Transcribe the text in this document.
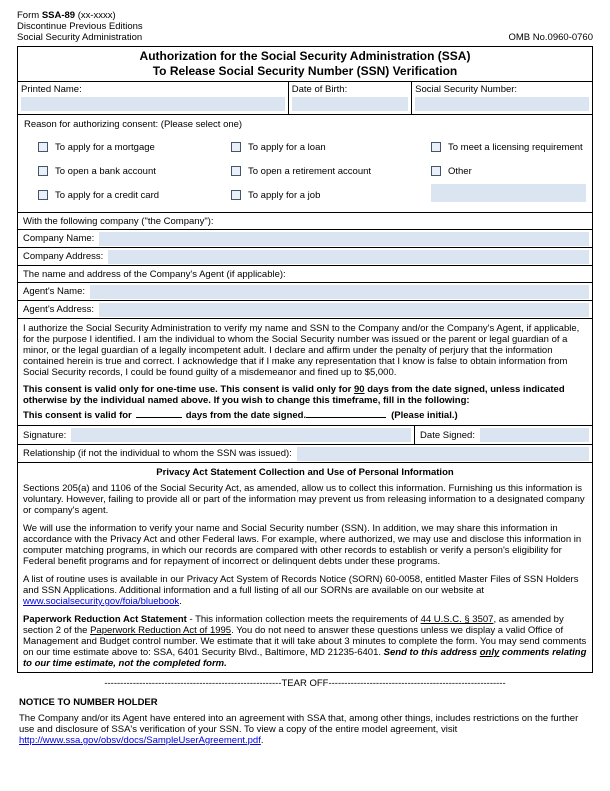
Form SSA-89 (xx-xxxx)
Discontinue Previous Editions
Social Security Administration	OMB No.0960-0760
Authorization for the Social Security Administration (SSA)
To Release Social Security Number (SSN) Verification
Printed Name:	Date of Birth:	Social Security Number:
Reason for authorizing consent: (Please select one)
To apply for a mortgage
To open a bank account
To apply for a credit card
To apply for a loan
To open a retirement account
To apply for a job
To meet a licensing requirement
Other
With the following company ("the Company"):
Company Name:
Company Address:
The name and address of the Company's Agent (if applicable):
Agent's Name:
Agent's Address:
I authorize the Social Security Administration to verify my name and SSN to the Company and/or the Company's Agent, if applicable, for the purpose I identified. I am the individual to whom the Social Security number was issued or the parent or legal guardian of a minor, or the legal guardian of a legally incompetent adult. I declare and affirm under the penalty of perjury that the information contained herein is true and correct. I acknowledge that if I make any representation that I know is false to obtain information from Social Security records, I could be found guilty of a misdemeanor and fined up to $5,000.
This consent is valid only for one-time use. This consent is valid only for 90 days from the date signed, unless indicated otherwise by the individual named above. If you wish to change this timeframe, fill in the following:
This consent is valid for	days from the date signed.	(Please initial.)
Signature:	Date Signed:
Relationship (if not the individual to whom the SSN was issued):
Privacy Act Statement Collection and Use of Personal Information
Sections 205(a) and 1106 of the Social Security Act, as amended, allow us to collect this information. Furnishing us this information is voluntary. However, failing to provide all or part of the information may prevent us from releasing information to a designated company or company's agent.
We will use the information to verify your name and Social Security number (SSN). In addition, we may share this information in accordance with the Privacy Act and other Federal laws. For example, where authorized, we may use and disclose this information in computer matching programs, in which our records are compared with other records to establish or verify a person's eligibility for Federal benefit programs and for repayment of incorrect or delinquent debts under these programs.
A list of routine uses is available in our Privacy Act System of Records Notice (SORN) 60-0058, entitled Master Files of SSN Holders and SSN Applications. Additional information and a full listing of all our SORNs are available on our website at www.socialsecurity.gov/foia/bluebook.
Paperwork Reduction Act Statement - This information collection meets the requirements of 44 U.S.C. § 3507, as amended by section 2 of the Paperwork Reduction Act of 1995. You do not need to answer these questions unless we display a valid Office of Management and Budget control number. We estimate that it will take about 3 minutes to complete the form. You may send comments on our time estimate above to: SSA, 6401 Security Blvd., Baltimore, MD 21235-6401. Send to this address only comments relating to our time estimate, not the completed form.
--------------------------------------------------------TEAR OFF--------------------------------------------------------
NOTICE TO NUMBER HOLDER
The Company and/or its Agent have entered into an agreement with SSA that, among other things, includes restrictions on the further use and disclosure of SSA's verification of your SSN. To view a copy of the entire model agreement, visit http://www.ssa.gov/obsv/docs/SampleUserAgreement.pdf.
